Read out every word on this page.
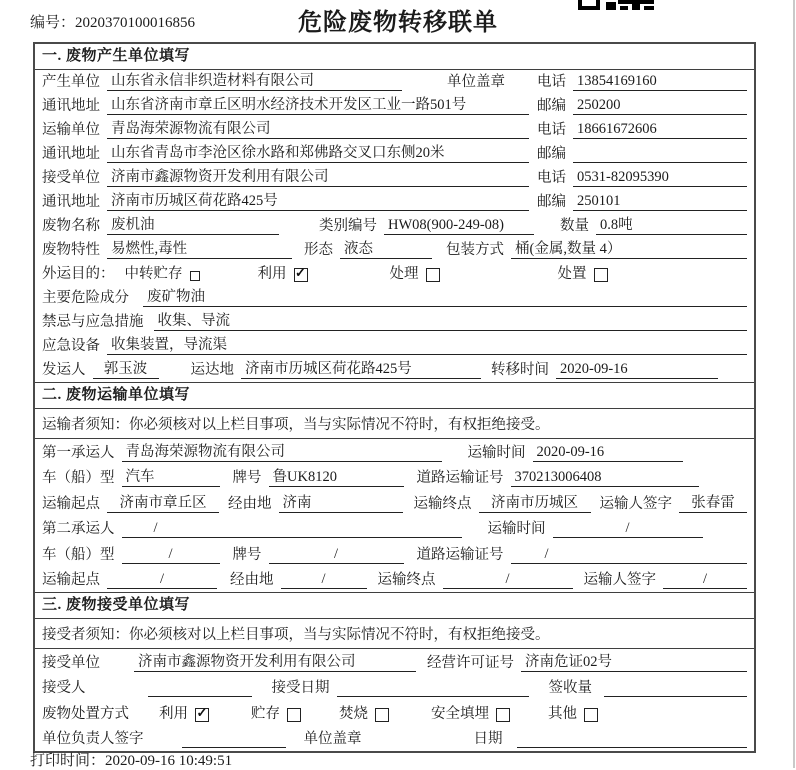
编号：2020370100016856	危险废物转移联单
一. 废物产生单位填写
产生单位 山东省永信非织造材料有限公司	单位盖章 电话 13854169160
通讯地址 山东省济南市章丘区明水经济技术开发区工业一路501号	邮编 250200
运输单位 青岛海荣源物流有限公司	电话 18661672606
通讯地址 山东省青岛市李沧区徐水路和郑佛路交叉口东侧20米	邮编
接受单位 济南市鑫源物资开发利用有限公司	电话 0531-82095390
通讯地址 济南市历城区荷花路425号	邮编 250101
废物名称 废机油	类别编号 HW08(900-249-08)	数量 0.8吨
废物特性 易燃性,毒性	形态 液态	包装方式 桶(金属,数量 4）
外运目的： 中转贮存	利用 ✓	处理	处置
主要危险成分 废矿物油
禁忌与应急措施 收集、导流
应急设备 收集装置，导流渠
发运人	郭玉波	运达地 济南市历城区荷花路425号	转移时间 2020-09-16
二. 废物运输单位填写
运输者须知：你必须核对以上栏目事项，当与实际情况不符时，有权拒绝接受。
第一承运人 青岛海荣源物流有限公司	运输时间 2020-09-16
车（船）型 汽车	牌号 鲁UK8120	道路运输证号 370213006408
运输起点	济南市章丘区	经由地 济南	运输终点	济南市历城区	运输人签字	张春雷
第二承运人	/	运输时间	/
车（船）型	/	牌号	/	道路运输证号	/
运输起点	/	经由地	/	运输终点	/	运输人签字	/
三. 废物接受单位填写
接受者须知：你必须核对以上栏目事项，当与实际情况不符时，有权拒绝接受。
接受单位	济南市鑫源物资开发利用有限公司	经营许可证号 济南危证02号
接受人	接受日期	签收量
废物处置方式 利用 ✓	贮存	焚烧	安全填埋	其他
单位负责人签字	单位盖章	日期
打印时间：2020-09-16 10:49:51
